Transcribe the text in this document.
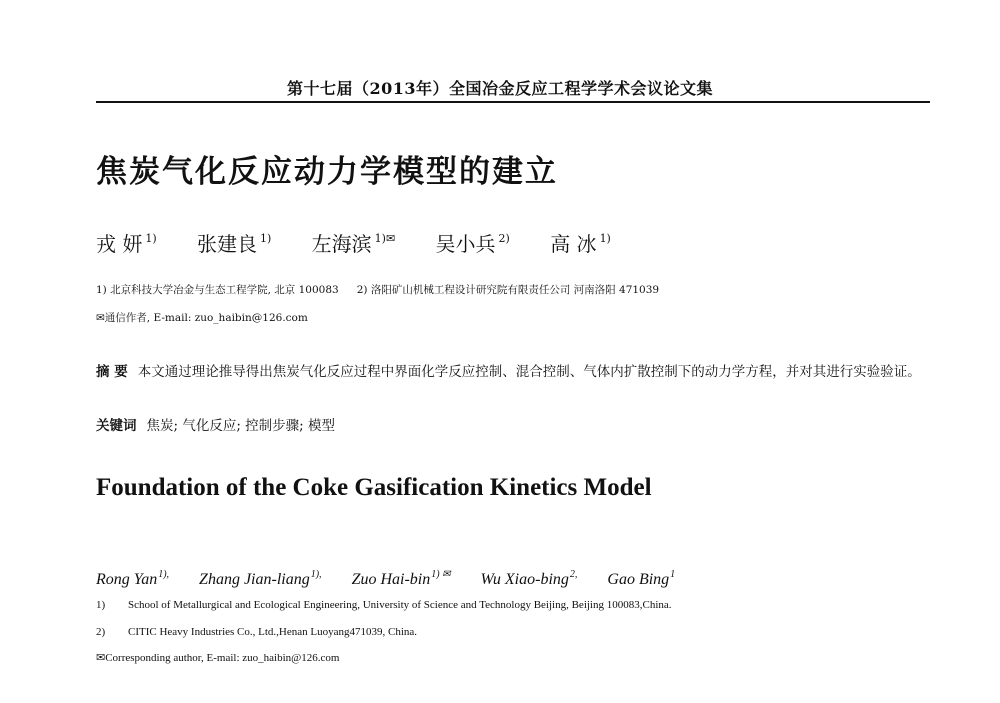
第十七届（2013年）全国冶金反应工程学学术会议论文集
焦炭气化反应动力学模型的建立
戎 妍 $^{1)}$ 张建良 $^{1)}$ 左海滨 $^{1)✉}$ 吴小兵 $^{2)}$ 高 冰 $^{1)}$
1) 北京科技大学冶金与生态工程学院, 北京 100083 2) 洛阳矿山机械工程设计研究院有限责任公司 河南洛阳 471039
✉通信作者, E-mail: zuo_haibin@126.com
摘 要 本文通过理论推导得出焦炭气化反应过程中界面化学反应控制、混合控制、气体内扩散控制下的动力学方程，并对其进行实验验证。
关键词 焦炭; 气化反应; 控制步骤; 模型
Foundation of the Coke Gasification Kinetics Model
Rong Yan$^{1),}$ Zhang Jian-liang$^{1),}$ Zuo Hai-bin$^{1) ✉}$ Wu Xiao-bing$^{2,}$ Gao Bing$^1$
1) School of Metallurgical and Ecological Engineering, University of Science and Technology Beijing, Beijing 100083,China.
2) CITIC Heavy Industries Co., Ltd.,Henan Luoyang471039, China.
✉Corresponding author, E-mail: zuo_haibin@126.com
